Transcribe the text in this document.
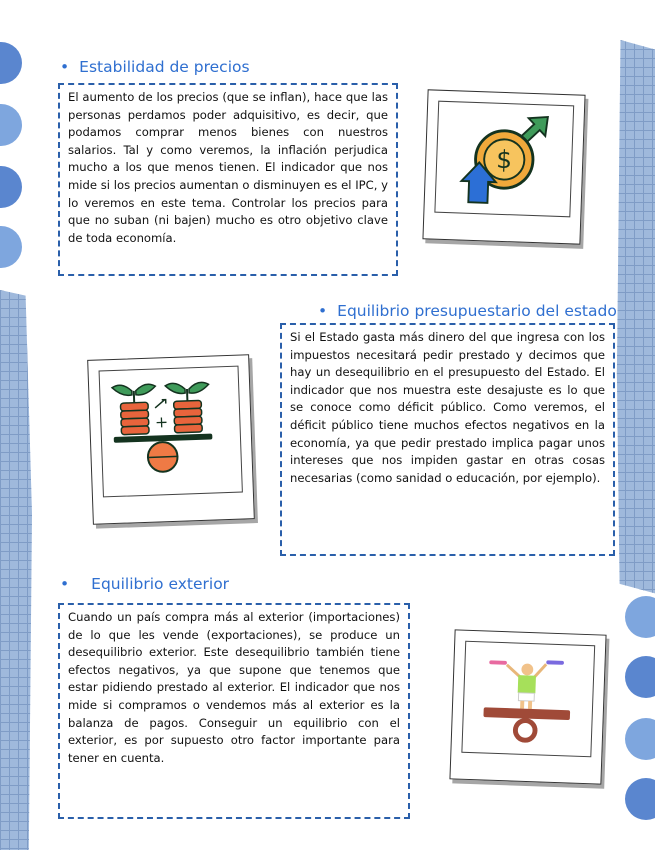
• Estabilidad de precios

El aumento de los precios (que se inflan), hace que las personas perdamos poder adquisitivo, es decir, que podamos comprar menos bienes con nuestros salarios. Tal y como veremos, la inflación perjudica mucho a los que menos tienen. El indicador que nos mide si los precios aumentan o disminuyen es el IPC, y lo veremos en este tema. Controlar los precios para que no suban (ni bajen) mucho es otro objetivo clave de toda economía.

$
• Equilibrio presupuestario del estado

Si el Estado gasta más dinero del que ingresa con los impuestos necesitará pedir prestado y decimos que hay un desequilibrio en el presupuesto del Estado. El indicador que nos muestra este desajuste es lo que se conoce como déficit público. Como veremos, el déficit público tiene muchos efectos negativos en la economía, ya que pedir prestado implica pagar unos intereses que nos impiden gastar en otras cosas necesarias (como sanidad o educación, por ejemplo).

+
• Equilibrio exterior

Cuando un país compra más al exterior (importaciones) de lo que les vende (exportaciones), se produce un desequilibrio exterior. Este desequilibrio también tiene efectos negativos, ya que supone que tenemos que estar pidiendo prestado al exterior. El indicador que nos mide si compramos o vendemos más al exterior es la balanza de pagos. Conseguir un equilibrio con el exterior, es por supuesto otro factor importante para tener en cuenta.
